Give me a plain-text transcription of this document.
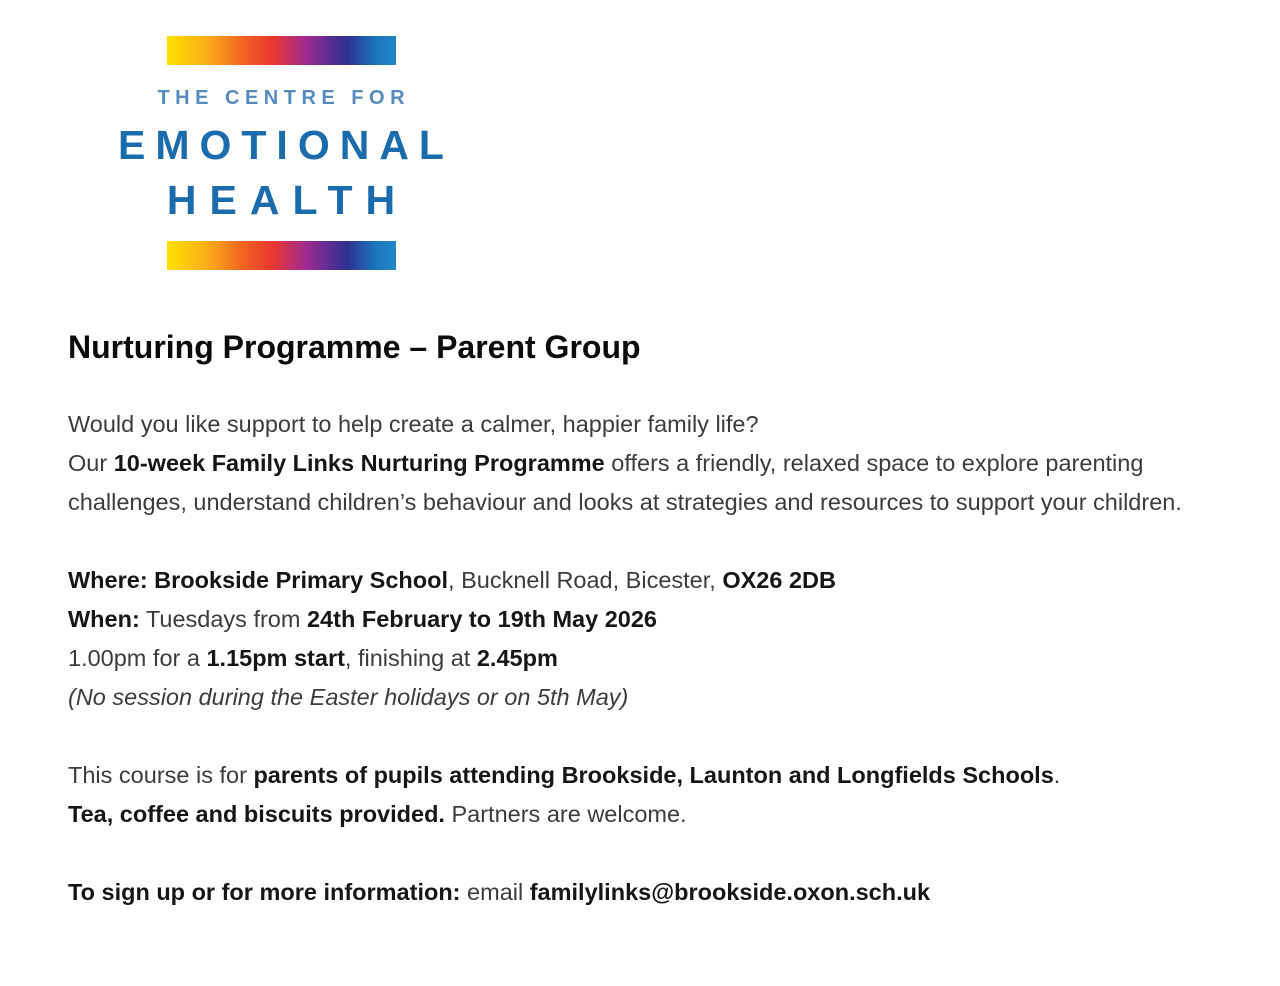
THE CENTRE FOR
EMOTIONAL
HEALTH
Nurturing Programme – Parent Group

Would you like support to help create a calmer, happier family life?

Our 10-week Family Links Nurturing Programme offers a friendly, relaxed space to explore parenting challenges, understand children’s behaviour and looks at strategies and resources to support your children.

Where: Brookside Primary School, Bucknell Road, Bicester, OX26 2DB

When: Tuesdays from 24th February to 19th May 2026

1.00pm for a 1.15pm start, finishing at 2.45pm

(No session during the Easter holidays or on 5th May)

This course is for parents of pupils attending Brookside, Launton and Longfields Schools.

Tea, coffee and biscuits provided. Partners are welcome.

To sign up or for more information: email familylinks@brookside.oxon.sch.uk
